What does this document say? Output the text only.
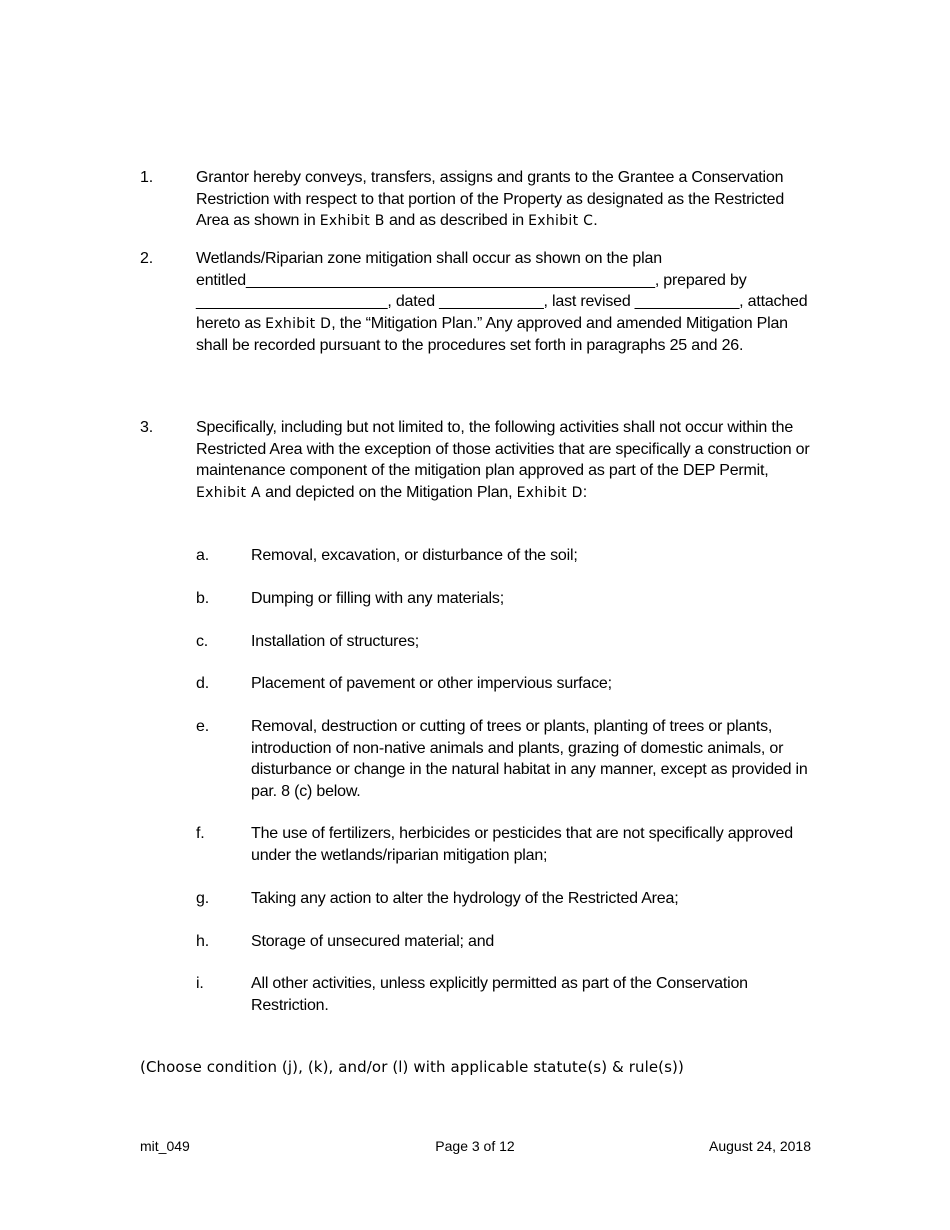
1.	Grantor hereby conveys, transfers, assigns and grants to the Grantee a Conservation Restriction with respect to that portion of the Property as designated as the Restricted Area as shown in Exhibit B and as described in Exhibit C.
2.	Wetlands/Riparian zone mitigation shall occur as shown on the plan entitled_______________________________________________, prepared by ______________________, dated ____________, last revised ____________, attached hereto as Exhibit D, the “Mitigation Plan.” Any approved and amended Mitigation Plan shall be recorded pursuant to the procedures set forth in paragraphs 25 and 26.
3.	Specifically, including but not limited to, the following activities shall not occur within the Restricted Area with the exception of those activities that are specifically a construction or maintenance component of the mitigation plan approved as part of the DEP Permit, Exhibit A and depicted on the Mitigation Plan, Exhibit D:
a.	Removal, excavation, or disturbance of the soil;
b.	Dumping or filling with any materials;
c.	Installation of structures;
d.	Placement of pavement or other impervious surface;
e.	Removal, destruction or cutting of trees or plants, planting of trees or plants, introduction of non-native animals and plants, grazing of domestic animals, or disturbance or change in the natural habitat in any manner, except as provided in par. 8 (c) below.
f.	The use of fertilizers, herbicides or pesticides that are not specifically approved under the wetlands/riparian mitigation plan;
g.	Taking any action to alter the hydrology of the Restricted Area;
h.	Storage of unsecured material; and
i.	All other activities, unless explicitly permitted as part of the Conservation Restriction.
(Choose condition (j), (k), and/or (l) with applicable statute(s) & rule(s))
mit_049	Page 3 of 12	August 24, 2018
